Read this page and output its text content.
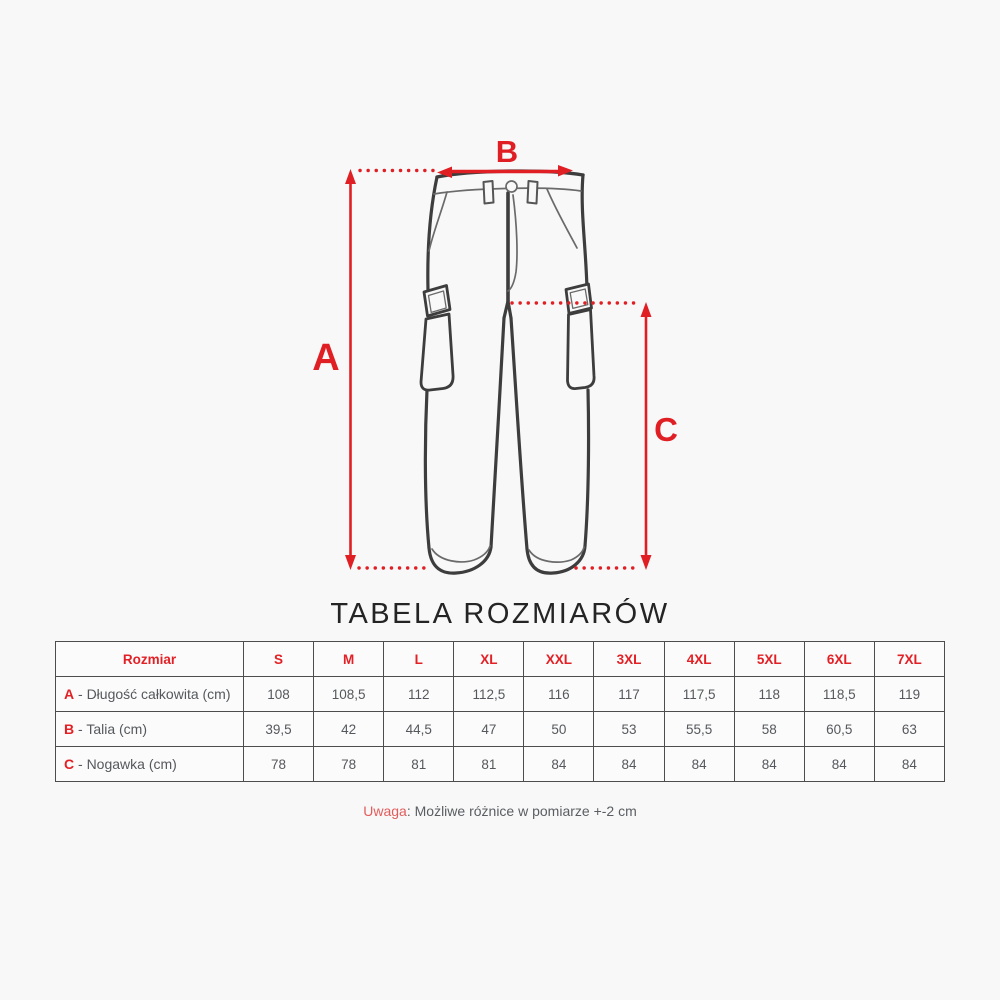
A
B
C
TABELA ROZMIARÓW
Rozmiar	S	M	L	XL	XXL	3XL	4XL	5XL	6XL	7XL
A - Długość całkowita (cm)	108	108,5	112	112,5	116	117	117,5	118	118,5	119
B - Talia (cm)	39,5	42	44,5	47	50	53	55,5	58	60,5	63
C - Nogawka (cm)	78	78	81	81	84	84	84	84	84	84

Uwaga: Możliwe różnice w pomiarze +-2 cm
